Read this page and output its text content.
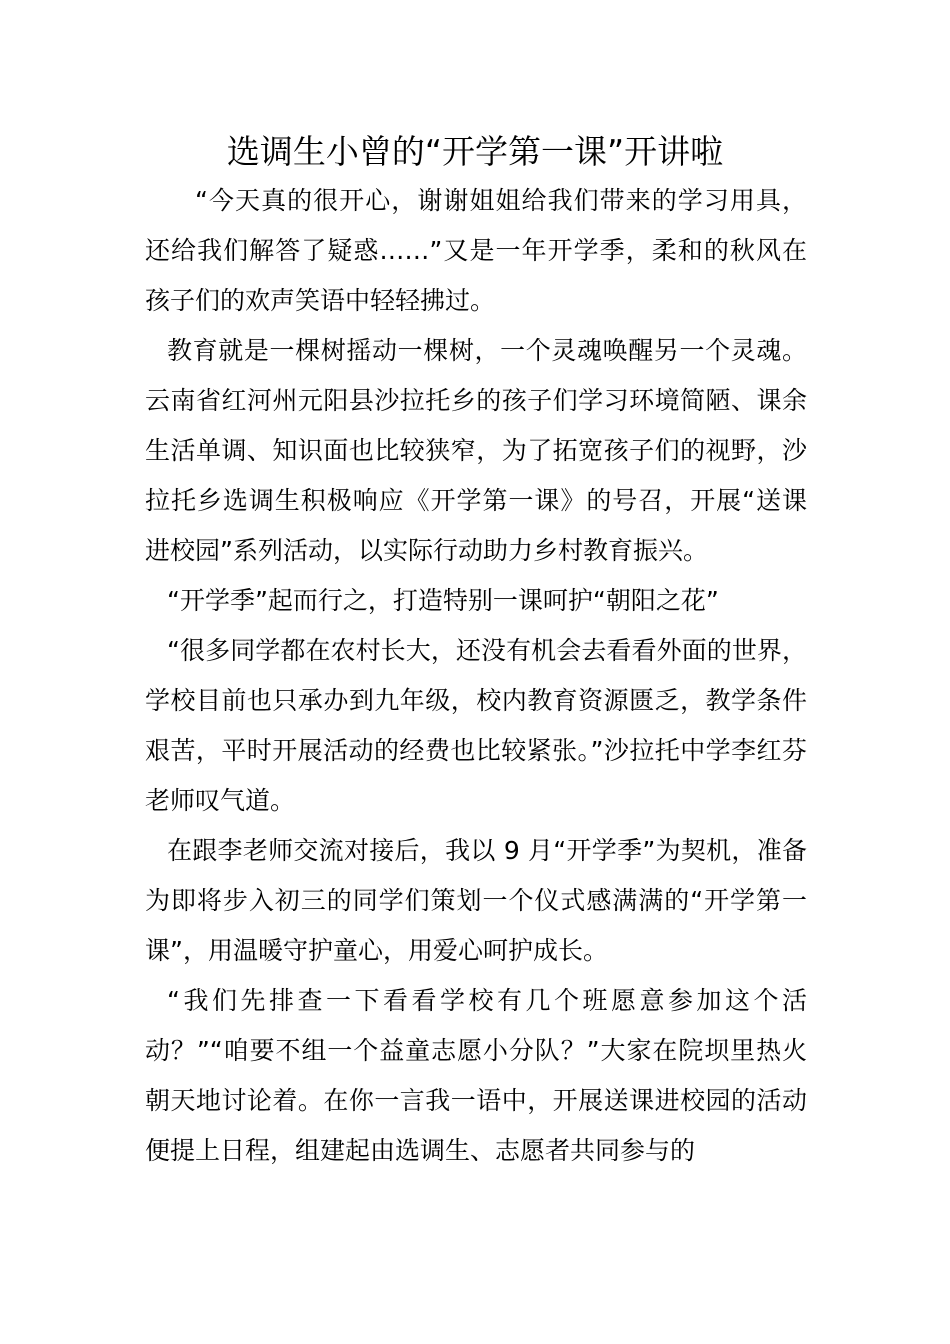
选调生小曾的“开学第一课”开讲啦

“今天真的很开心，谢谢姐姐给我们带来的学习用具，还给我们解答了疑惑……”又是一年开学季，柔和的秋风在孩子们的欢声笑语中轻轻拂过。

教育就是一棵树摇动一棵树，一个灵魂唤醒另一个灵魂。云南省红河州元阳县沙拉托乡的孩子们学习环境简陋、课余生活单调、知识面也比较狭窄，为了拓宽孩子们的视野，沙拉托乡选调生积极响应《开学第一课》的号召，开展“送课进校园”系列活动，以实际行动助力乡村教育振兴。

“开学季”起而行之，打造特别一课呵护“朝阳之花”

“很多同学都在农村长大，还没有机会去看看外面的世界，学校目前也只承办到九年级，校内教育资源匮乏，教学条件艰苦，平时开展活动的经费也比较紧张。”沙拉托中学李红芬老师叹气道。

在跟李老师交流对接后，我以 9 月“开学季”为契机，准备为即将步入初三的同学们策划一个仪式感满满的“开学第一课”，用温暖守护童心，用爱心呵护成长。

“我们先排查一下看看学校有几个班愿意参加这个活动？”“咱要不组一个益童志愿小分队？”大家在院坝里热火朝天地讨论着。在你一言我一语中，开展送课进校园的活动便提上日程，组建起由选调生、志愿者共同参与的
